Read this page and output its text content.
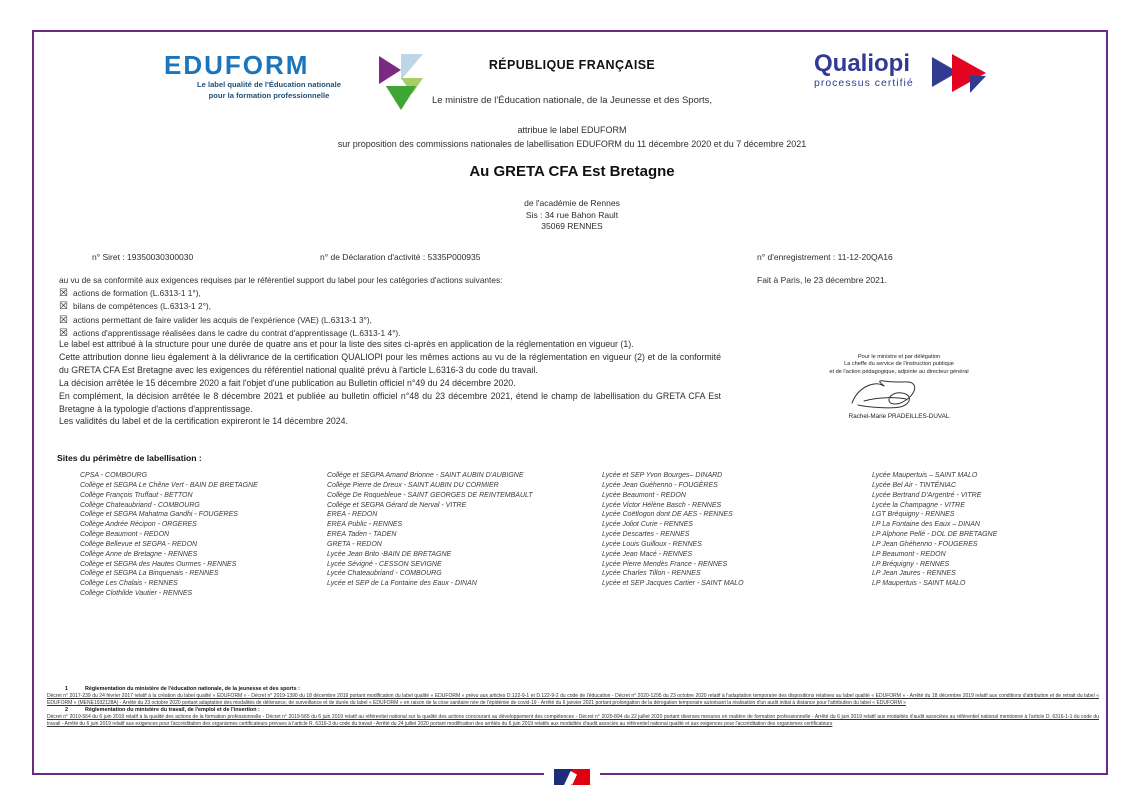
EDUFORM
Le label qualité de l'Éducation nationale
pour la formation professionnelle
Qualiopi
processus certifié
RÉPUBLIQUE FRANÇAISE
Le ministre de l'Éducation nationale, de la Jeunesse et des Sports,
attribue le label EDUFORM
sur proposition des commissions nationales de labellisation EDUFORM du 11 décembre 2020 et du 7 décembre 2021
Au GRETA CFA Est Bretagne
de l'académie de Rennes
Sis : 34 rue Bahon Rault
35069 RENNES
n° Siret : 19350030300030	n° de Déclaration d'activité : 5335P000935	n° d'enregistrement : 11-12-20QA16
Fait à Paris, le 23 décembre 2021.
au vu de sa conformité aux exigences requises par le référentiel support du label pour les catégories d'actions suivantes:
☒ actions de formation (L.6313-1 1°),
☒ bilans de compétences (L.6313-1 2°),
☒ actions permettant de faire valider les acquis de l'expérience (VAE) (L.6313-1 3°),
☒ actions d'apprentissage réalisées dans le cadre du contrat d'apprentissage (L.6313-1 4°).
Le label est attribué à la structure pour une durée de quatre ans et pour la liste des sites ci-après en application de la réglementation en vigueur (1).
Cette attribution donne lieu également à la délivrance de la certification QUALIOPI pour les mêmes actions au vu de la réglementation en vigueur (2) et de la conformité du GRETA CFA Est Bretagne avec les exigences du référentiel national qualité prévu à l'article L.6316-3 du code du travail.
La décision arrêtée le 15 décembre 2020 a fait l'objet d'une publication au Bulletin officiel n°49 du 24 décembre 2020.
En complément, la décision arrêtée le 8 décembre 2021 et publiée au bulletin officiel n°48 du 23 décembre 2021, étend le champ de labellisation du GRETA CFA Est Bretagne à la typologie d'actions d'apprentissage.
Les validités du label et de la certification expireront le 14 décembre 2024.
Pour le ministre et par délégation
La cheffe du service de l'instruction publique
et de l'action pédagogique, adjointe au directeur général
Rachel-Marie PRADEILLES-DUVAL
Sites du périmètre de labellisation :
CPSA - COMBOURG
Collège et SEGPA Le Chêne Vert - BAIN DE BRETAGNE
Collège François Truffaut - BETTON
Collège Chateaubriand - COMBOURG
Collège et SEGPA Mahatma Gandhi - FOUGERES
Collège Andrée Récipon - ORGERES
Collège Beaumont - REDON
Collège Bellevue et SEGPA - REDON
Collège Anne de Bretagne - RENNES
Collège et SEGPA des Hautes Ourmes - RENNES
Collège et SEGPA La Binquenais - RENNES
Collège Les Chalais - RENNES
Collège Clothilde Vautier - RENNES
Collège et SEGPA Amand Brionne - SAINT AUBIN D'AUBIGNE
Collège Pierre de Dreux - SAINT AUBIN DU CORMIER
Collège De Roquebleue - SAINT GEORGES DE REINTEMBAULT
Collège et SEGPA Gérard de Nerval - VITRE
EREA - REDON
EREA Public - RENNES
EREA Taden - TADEN
GRETA - REDON
Lycée Jean Brito -BAIN DE BRETAGNE
Lycée Sévigné - CESSON SEVIGNE
Lycée Chateaubriand - COMBOURG
Lycée et SEP de La Fontaine des Eaux - DINAN
Lycée et SEP Yvon Bourges– DINARD
Lycée Jean Guéhenno - FOUGÈRES
Lycée Beaumont - REDON
Lycée Victor Hélène Basch - RENNES
Lycée Coëtlogon dont DE AES - RENNES
Lycée Joliot Curie - RENNES
Lycée Descartes - RENNES
Lycée Louis Guilloux - RENNES
Lycée Jean Macé - RENNES
Lycée Pierre Mendès France - RENNES
Lycée Charles Tillon - RENNES
Lycée et SEP Jacques Cartier - SAINT MALO
Lycée Maupertuis – SAINT MALO
Lycée Bel Air - TINTÉNIAC
Lycée Bertrand D'Argentré - VITRE
Lycée la Champagne - VITRE
LGT Bréquigny - RENNES
LP La Fontaine des Eaux – DINAN
LP Alphone Pellé - DOL DE BRETAGNE
LP Jean Ghéhenno - FOUGERES
LP Beaumont - REDON
LP Bréquigny - RENNES
LP Jean Jaures - RENNES
LP Maupertuis - SAINT MALO
1	Réglementation du ministère de l'éducation nationale, de la jeunesse et des sports :
Décret n° 2017-239 du 24 février 2017 relatif à la création du label qualité « EDUFORM » - Décret n° 2019-1390 du 18 décembre 2019 portant modification du label qualité « EDUFORM » prévu aux articles D.122-9-1 et D.122-9-2 du code de l'éducation - Décret n° 2020-1295 du 23 octobre 2020 relatif à l'adaptation temporaire des dispositions relatives au label qualité « EDUFORM » - Arrêté du 18 décembre 2019 relatif aux conditions d'attribution et de retrait du label « EDUFORM » (MENE1932128A) - Arrêté du 23 octobre 2020 portant adaptation des modalités de délivrance, de surveillance et de durée du label « EDUFORM » en raison de la crise sanitaire née de l'épidémie de covid-19 - Arrêté du 6 janvier 2021 portant prolongation de la dérogation temporaire autorisant la réalisation d'un audit initial à distance pour l'attribution du label « EDUFORM »
2	Réglementation du ministère du travail, de l'emploi et de l'insertion :
Décret n° 2019-564 du 6 juin 2019 relatif à la qualité des actions de la formation professionnelle - Décret n° 2019-565 du 6 juin 2019 relatif au référentiel national sur la qualité des actions concourant au développement des compétences - Décret n° 2020-894 du 22 juillet 2020 portant diverses mesures en matière de formation professionnelle - Arrêté du 6 juin 2019 relatif aux modalités d'audit associées au référentiel national mentionné à l'article D. 6316-1-1 du code du travail - Arrêté du 6 juin 2019 relatif aux exigences pour l'accréditation des organismes certificateurs prévues à l'article R. 6316-3 du code du travail - Arrêté du 24 juillet 2020 portant modification des arrêtés du 6 juin 2019 relatifs aux modalités d'audit associés au référentiel national qualité et aux exigences pour l'accréditation des organismes certificateurs
